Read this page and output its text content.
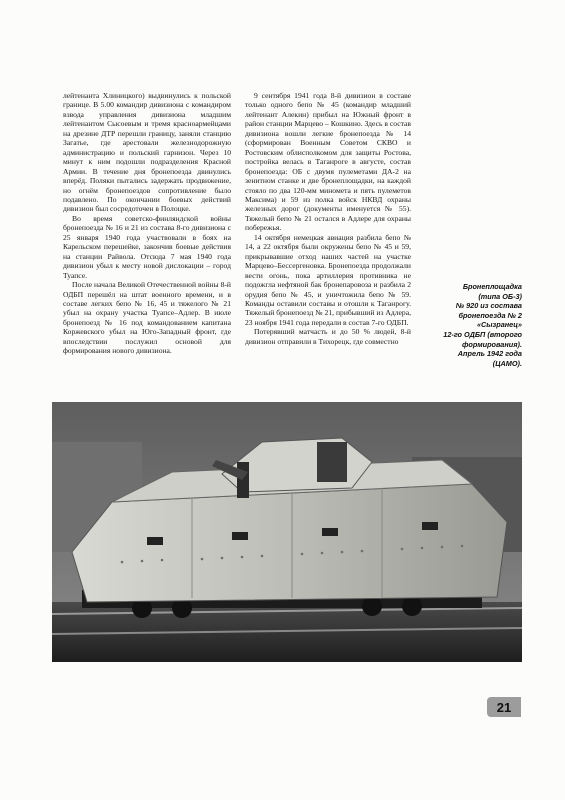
лейтенанта Хлиницкого) выдвинулись к польской границе. В 5.00 командир дивизиона с командиром взвода управления дивизиона младшим лейтенантом Сысоевым и тремя красноармейцами на дрезине ДТР перешли границу, заняли станцию Загатье, где арестовали железнодорожную администрацию и польский гарнизон. Через 10 минут к ним подошли подразделения Красной Армии. В течение дня бронепоезда двинулись вперёд. Поляки пытались задержать продвижение, но огнём бронепоездов сопротивление было подавлено. По окончании боевых действий дивизион был сосредоточен в Полоцке.

Во время советско-финляндской войны бронепоезда № 16 и 21 из состава 8-го дивизиона с 25 января 1940 года участвовали в боях на Карельском перешейке, закончив боевые действия на станции Райвола. Отсюда 7 мая 1940 года дивизион убыл к месту новой дислокации – город Туапсе.

После начала Великой Отечественной войны 8-й ОДБП перешёл на штат военного времени, и в составе легких бепо № 16, 45 и тяжелого № 21 убыл на охрану участка Туапсе–Адлер. В июле бронепоезд № 16 под командованием капитана Коржевского убыл на Юго-Западный фронт, где впоследствии послужил основой для формирования нового дивизиона.

9 сентября 1941 года 8-й дивизион в составе только одного бепо № 45 (командир младший лейтенант Алекин) прибыл на Южный фронт в район станции Марцево – Кошкино. Здесь в состав дивизиона вошли легкие бронепоезда № 14 (сформирован Военным Советом СКВО и Ростовским облисполкомом для защиты Ростова, постройка велась в Таганроге в августе, состав бронепоезда: ОБ с двумя пулеметами ДА-2 на зенитном станке и две бронеплощадки, на каждой стояло по два 120-мм миномета и пять пулеметов Максима) и 59 из полка войск НКВД охраны железных дорог (документы именуется № 55). Тяжелый бепо № 21 остался в Адлере для охраны побережья.

14 октября немецкая авиация разбила бепо № 14, а 22 октября были окружены бепо № 45 и 59, прикрывавшие отход наших частей на участке Марцево–Бессергеновка. Бронепоезда продолжали вести огонь, пока артиллерия противника не подожгла нефтяной бак бронепаровоза и разбила 2 орудия бепо № 45, и уничтожила бепо № 59. Команды оставили составы и отошли к Таганрогу. Тяжелый бронепоезд № 21, прибывший из Адлера, 23 ноября 1941 года передали в состав 7-го ОДБП.

Потерявший матчасть и до 50 % людей, 8-й дивизион отправили в Тихорецк, где совместно

Бронеплощадка
(типа ОБ-3)
№ 920 из состава
бронепоезда № 2
«Сызранец»
12-го ОДБП (второго
формирования).
Апрель 1942 года
(ЦАМО).
21
